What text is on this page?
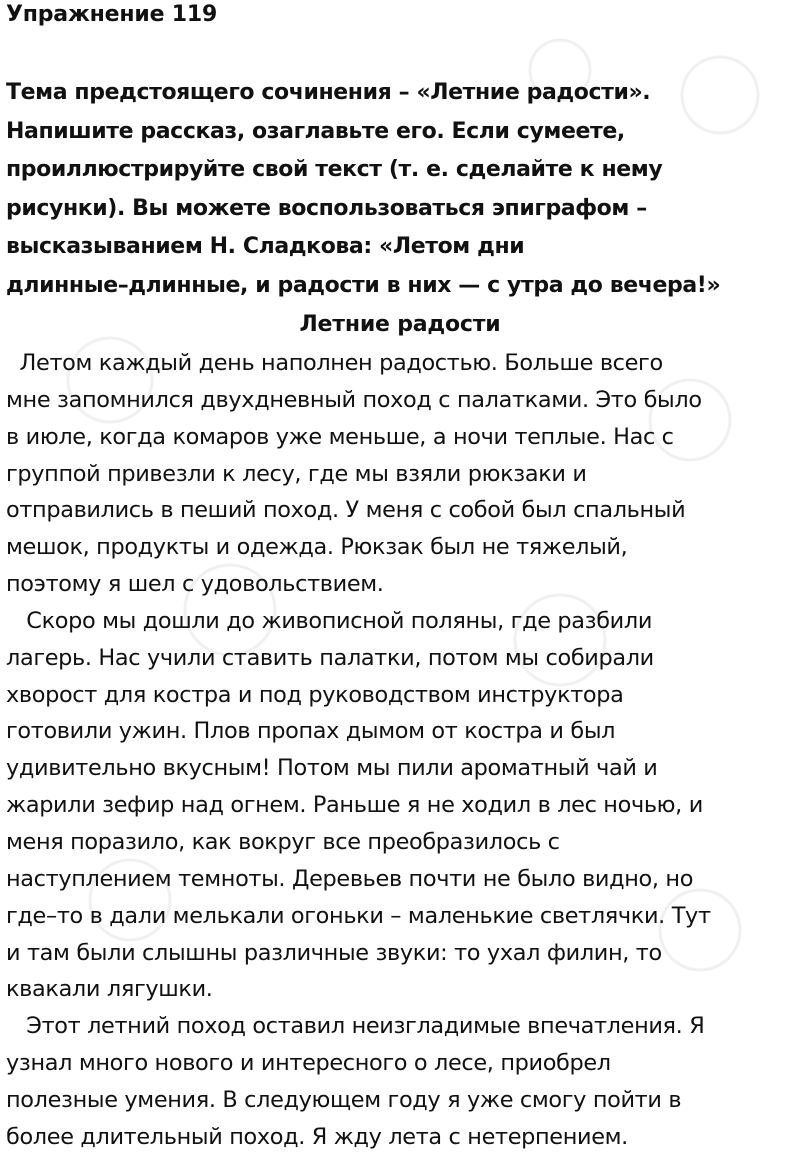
Упражнение 119
Тема предстоящего сочинения – «Летние радости».
Напишите рассказ, озаглавьте его. Если сумеете,
проиллюстрируйте свой текст (т. е. сделайте к нему
рисунки). Вы можете воспользоваться эпиграфом –
высказыванием Н. Сладкова: «Летом дни
длинные–длинные, и радости в них — с утра до вечера!»
Летние радости
Летом каждый день наполнен радостью. Больше всего
мне запомнился двухдневный поход с палатками. Это было
в июле, когда комаров уже меньше, а ночи теплые. Нас с
группой привезли к лесу, где мы взяли рюкзаки и
отправились в пеший поход. У меня с собой был спальный
мешок, продукты и одежда. Рюкзак был не тяжелый,
поэтому я шел с удовольствием.
Скоро мы дошли до живописной поляны, где разбили
лагерь. Нас учили ставить палатки, потом мы собирали
хворост для костра и под руководством инструктора
готовили ужин. Плов пропах дымом от костра и был
удивительно вкусным! Потом мы пили ароматный чай и
жарили зефир над огнем. Раньше я не ходил в лес ночью, и
меня поразило, как вокруг все преобразилось с
наступлением темноты. Деревьев почти не было видно, но
где–то в дали мелькали огоньки – маленькие светлячки. Тут
и там были слышны различные звуки: то ухал филин, то
квакали лягушки.
Этот летний поход оставил неизгладимые впечатления. Я
узнал много нового и интересного о лесе, приобрел
полезные умения. В следующем году я уже смогу пойти в
более длительный поход. Я жду лета с нетерпением.
